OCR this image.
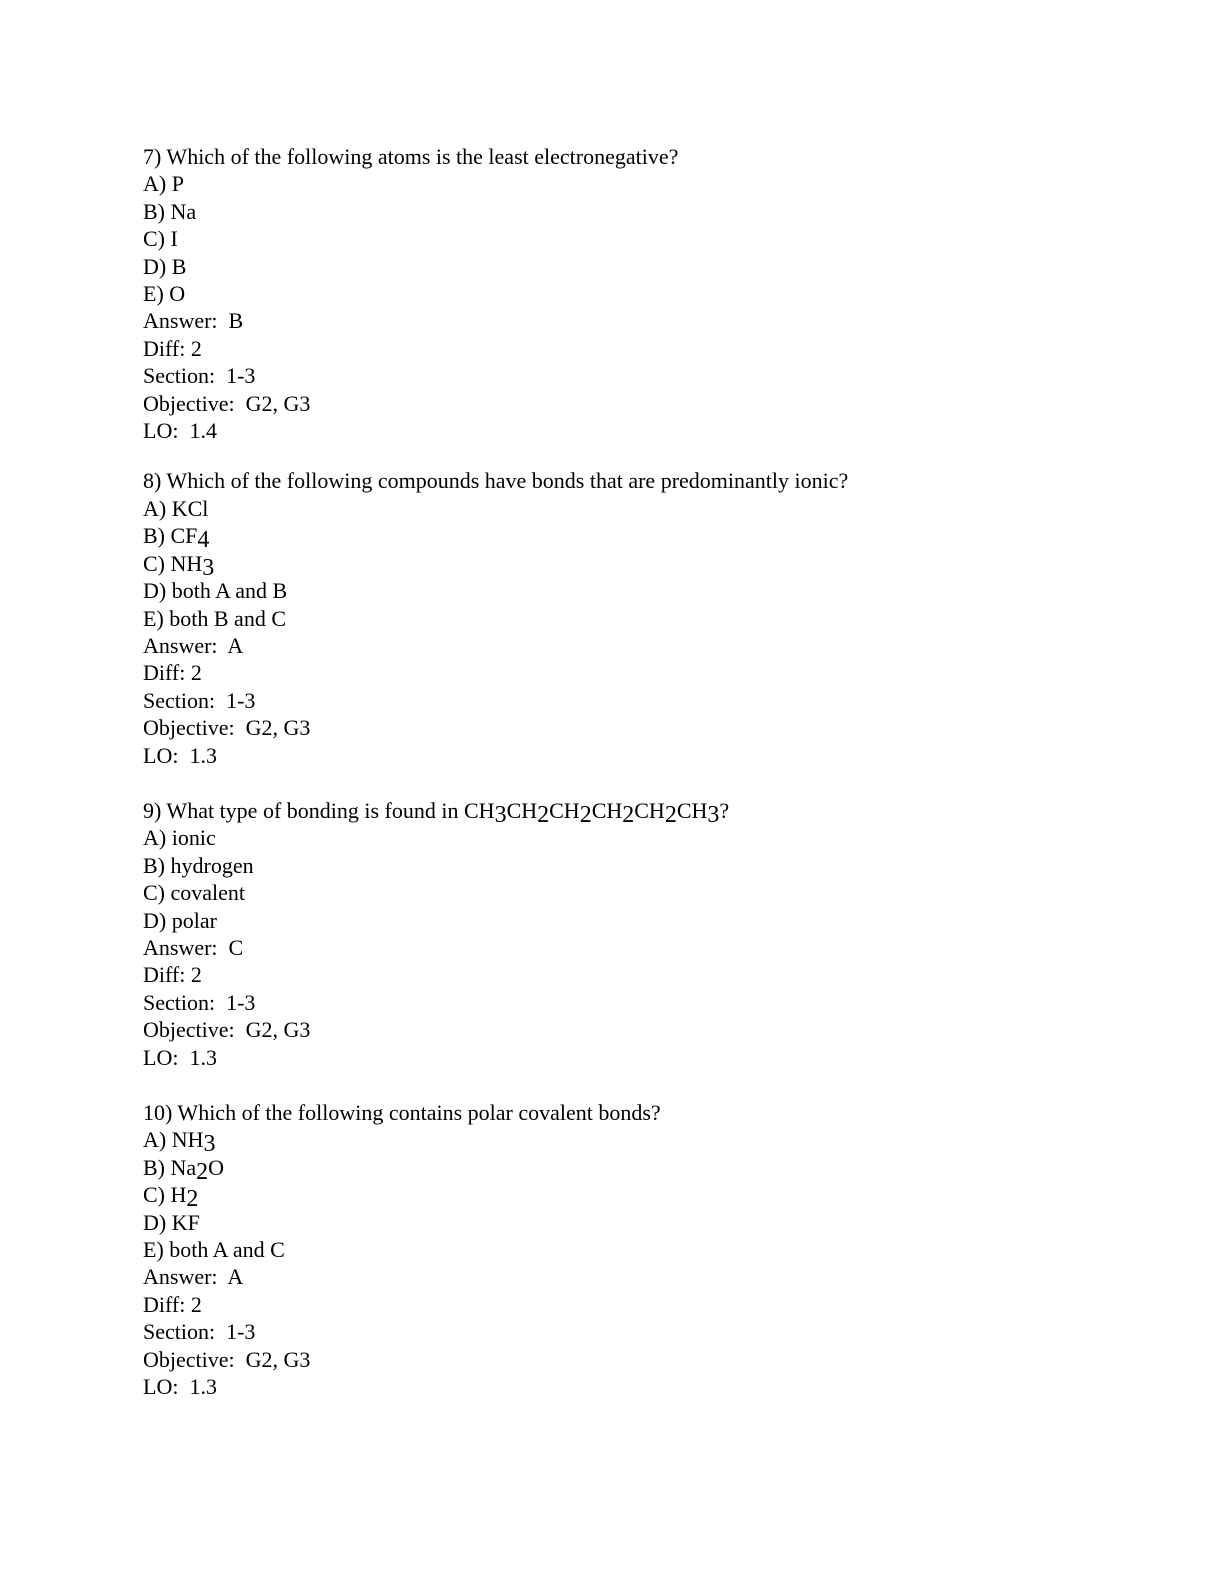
7) Which of the following atoms is the least electronegative?
A) P
B) Na
C) I
D) B
E) O
Answer:  B
Diff: 2
Section:  1-3
Objective:  G2, G3
LO:  1.4
8) Which of the following compounds have bonds that are predominantly ionic?
A) KCl
B) CF4
C) NH3
D) both A and B
E) both B and C
Answer:  A
Diff: 2
Section:  1-3
Objective:  G2, G3
LO:  1.3
9) What type of bonding is found in CH3CH2CH2CH2CH2CH3?
A) ionic
B) hydrogen
C) covalent
D) polar
Answer:  C
Diff: 2
Section:  1-3
Objective:  G2, G3
LO:  1.3
10) Which of the following contains polar covalent bonds?
A) NH3
B) Na2O
C) H2
D) KF
E) both A and C
Answer:  A
Diff: 2
Section:  1-3
Objective:  G2, G3
LO:  1.3
